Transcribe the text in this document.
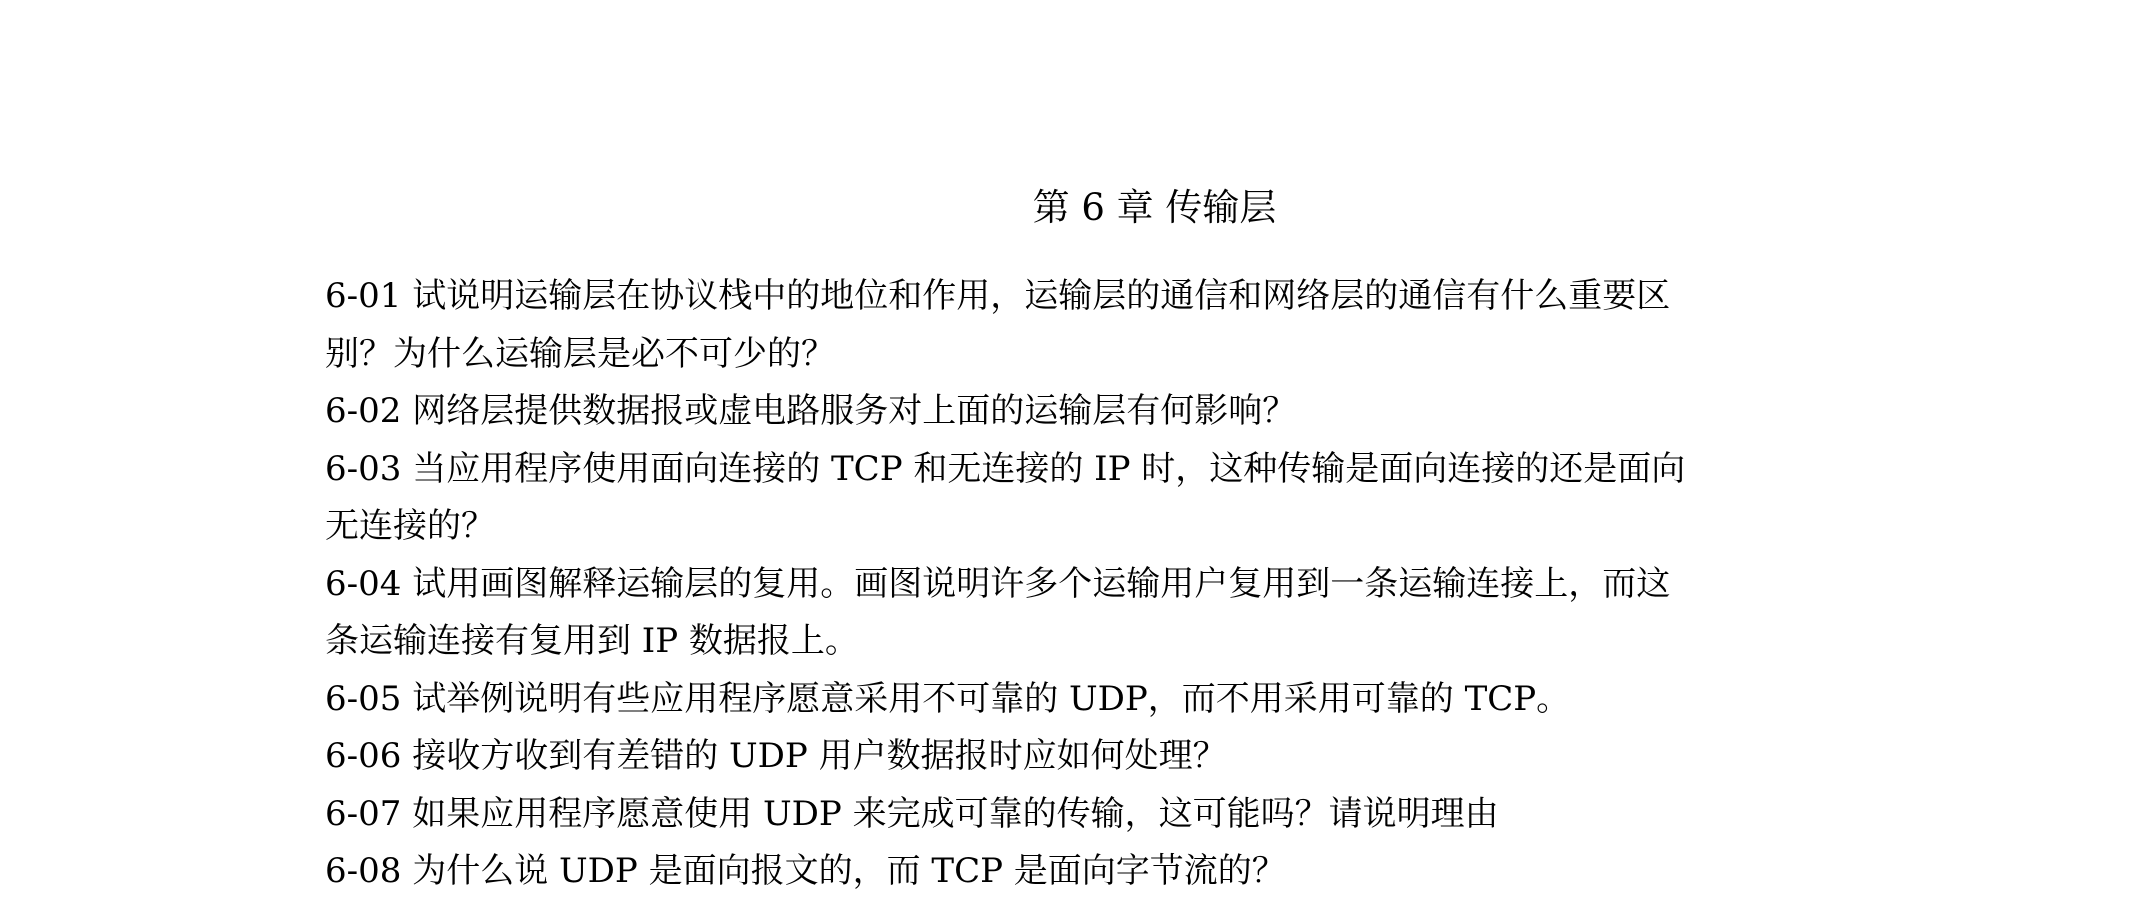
第 6 章 传输层
6-01 试说明运输层在协议栈中的地位和作用，运输层的通信和网络层的通信有什么重要区
别？为什么运输层是必不可少的？
6-02 网络层提供数据报或虚电路服务对上面的运输层有何影响？
6-03 当应用程序使用面向连接的 TCP 和无连接的 IP 时，这种传输是面向连接的还是面向
无连接的？
6-04 试用画图解释运输层的复用。画图说明许多个运输用户复用到一条运输连接上，而这
条运输连接有复用到 IP 数据报上。
6-05 试举例说明有些应用程序愿意采用不可靠的 UDP，而不用采用可靠的 TCP。
6-06 接收方收到有差错的 UDP 用户数据报时应如何处理？
6-07 如果应用程序愿意使用 UDP 来完成可靠的传输，这可能吗？请说明理由
6-08 为什么说 UDP 是面向报文的，而 TCP 是面向字节流的？
